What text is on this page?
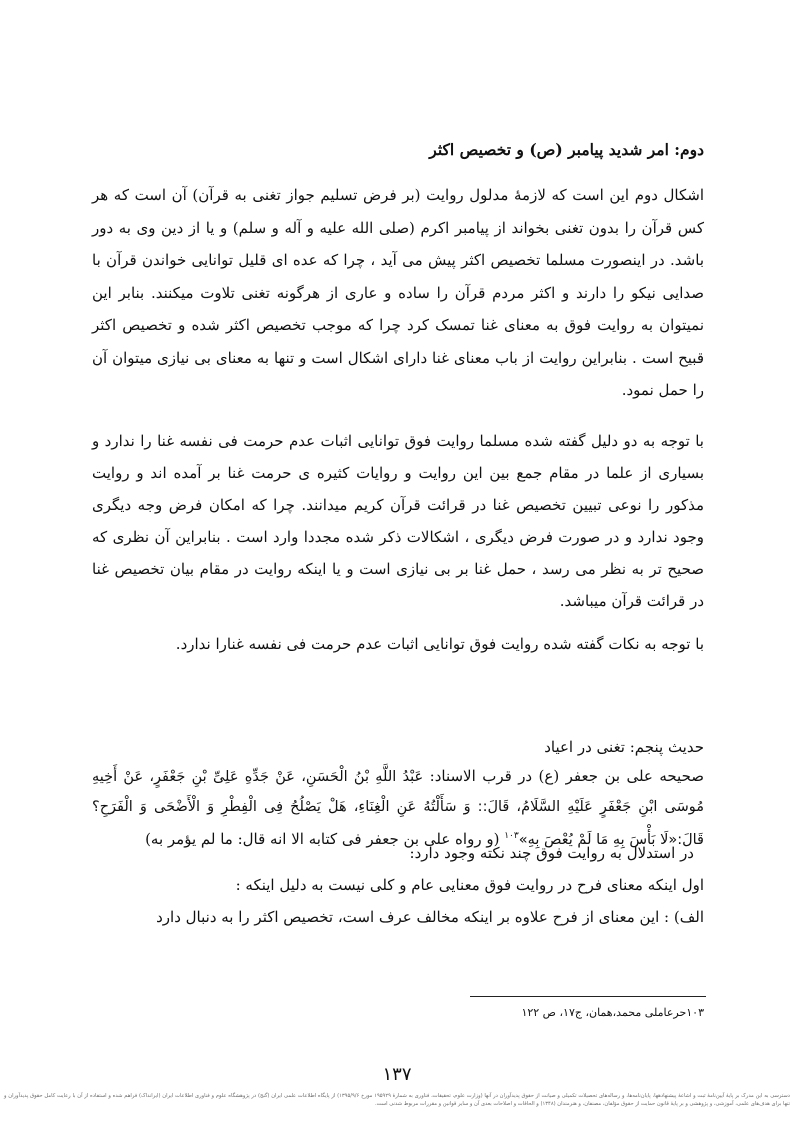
دوم: امر شدید پیامبر (ص) و تخصیص اکثر

اشکال دوم این است که لازمهٔ مدلول روایت (بر فرض تسلیم جواز تغنی به قرآن) آن است که هر کس قرآن را بدون تغنی بخواند از پیامبر اکرم (صلی الله علیه و آله و سلم) و یا از دین وی به دور باشد. در اینصورت مسلما تخصیص اکثر پیش می آید ، چرا که عده ای قلیل توانایی خواندن قرآن با صدایی نیکو را دارند و اکثر مردم قرآن را ساده و عاری از هرگونه تغنی تلاوت میکنند. بنابر این نمیتوان به روایت فوق به معنای غنا تمسک کرد چرا که موجب تخصیص اکثر شده و تخصیص اکثر قبیح است . بنابراین روایت از باب معنای غنا دارای اشکال است و تنها به معنای بی نیازی میتوان آن را حمل نمود.

با توجه به دو دلیل گفته شده مسلما روایت فوق توانایی اثبات عدم حرمت فی نفسه غنا را ندارد و بسیاری از علما در مقام جمع بین این روایت و روایات کثیره ی حرمت غنا بر آمده اند و روایت مذکور را نوعی تبیین تخصیص غنا در قرائت قرآن کریم میدانند. چرا که امکان فرض وجه دیگری وجود ندارد و در صورت فرض دیگری ، اشکالات ذکر شده مجددا وارد است . بنابراین آن نظری که صحیح تر به نظر می رسد ، حمل غنا بر بی نیازی است و یا اینکه روایت در مقام بیان تخصیص غنا در قرائت قرآن میباشد.

با توجه به نکات گفته شده روایت فوق توانایی اثبات عدم حرمت فی نفسه غنارا ندارد.

حدیث پنجم: تغنی در اعیاد
صحیحه علی بن جعفر (ع) در قرب الاسناد: عَبْدُ اللَّهِ بْنُ الْحَسَنِ، عَنْ جَدِّهِ عَلِیِّ بْنِ جَعْفَرٍ، عَنْ أَخِیهِ مُوسَی ابْنِ جَعْفَرٍ عَلَیْهِ السَّلَامُ، قَالَ:: وَ سَأَلْتُهُ عَنِ الْغِنَاءِ، هَلْ یَصْلُحُ فِی الْفِطْرِ وَ الْأَضْحَی وَ الْفَرَحِ؟ قَالَ:«لَا بَأْسَ بِهِ مَا لَمْ یُعْصَ بِهِ»$^{۱۰۳}$ (و رواه علی بن جعفر فی کتابه الا انه قال: ما لم یؤمر به)
در استدلال به روایت فوق چند نکته وجود دارد:
اول اینکه معنای فرح در روایت فوق معنایی عام و کلی نیست به دلیل اینکه :
الف) : این معنای از فرح علاوه بر اینکه مخالف عرف است، تخصیص اکثر را به دنبال دارد
۱۰۳حرعاملی محمد،همان، ج۱۷، ص ۱۲۲
۱۳۷
دسترسی به این مدرک بر پایهٔ آیین‌نامهٔ ثبت و اشاعهٔ پیشنهادهها، پایان‌نامه‌ها، و رساله‌های تحصیلات تکمیلی و صیانت از حقوق پدیدآوران در آنها (وزارت علوم، تحقیقات، فناوری به شمارهٔ ۱۹۵۹۲۹ مورخ ۱۳۹۵/۹/۶) از پایگاه اطلاعات علمی ایران (گنج) در پژوهشگاه علوم و فناوری اطلاعات ایران (ایرانداک) فراهم شده و استفاده از آن با رعایت کامل حقوق پدیدآوران و تنها برای هدف‌های علمی، آموزشی، و پژوهشی و بر پایهٔ قانون حمایت از حقوق مؤلفان، مصنفان، و هنرمندان (۱۳۴۸) و الحاقات و اصلاحات بعدی آن و سایر قوانین و مقررات مربوط شدنی است.
